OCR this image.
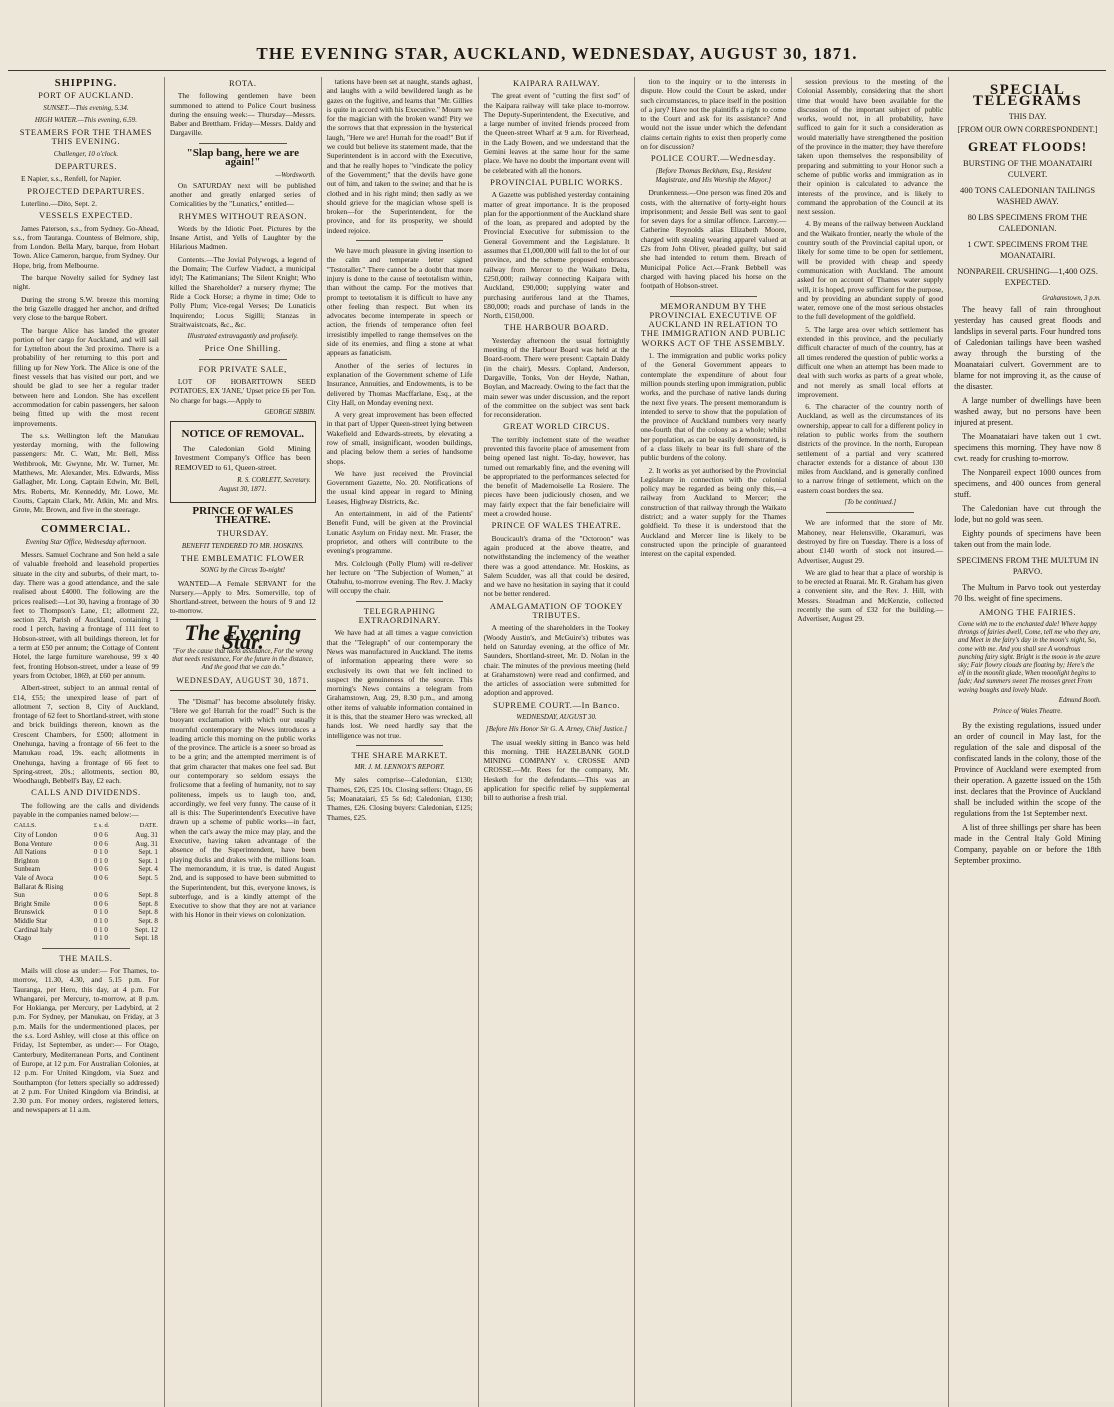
THE EVENING STAR, AUCKLAND, WEDNESDAY, AUGUST 30, 1871.
SHIPPING.
PORT OF AUCKLAND.
SUNSET.—This evening, 5.34.
HIGH WATER.—This evening, 6.59.
STEAMERS FOR THE THAMES THIS EVENING.
Challenger, 10 o'clock.
DEPARTURES.

E Napier, s.s., Renfell, for Napier.

PROJECTED DEPARTURES.

Luterlino.—Dito, Sept. 2.

VESSELS EXPECTED.

James Paterson, s.s., from Sydney. Go-Ahead, s.s., from Tauranga. Countess of Belmore, ship, from London. Bella Mary, barque, from Hobart Town. Alice Cameron, barque, from Sydney. Our Hope, brig, from Melbourne.

The barque Novelty sailed for Sydney last night.

During the strong S.W. breeze this morning the brig Gazelle dragged her anchor, and drifted very close to the barque Robert.

The barque Alice has landed the greater portion of her cargo for Auckland, and will sail for Lyttelton about the 3rd proximo. There is a probability of her returning to this port and filling up for New York. The Alice is one of the finest vessels that has visited our port, and we should be glad to see her a regular trader between here and London. She has excellent accommodation for cabin passengers, her saloon being fitted up with the most recent improvements.

The s.s. Wellington left the Manukau yesterday morning, with the following passengers: Mr. C. Watt, Mr. Bell, Miss Wethbrook, Mr. Gwynne, Mr. W. Turner, Mr. Matthews, Mr. Alexander, Mrs. Edwards, Miss Gallagher, Mr. Long, Captain Edwin, Mr. Bell, Mrs. Roberts, Mr. Kenneddy, Mr. Lowe, Mr. Coutts, Captain Clark, Mr. Atkin, Mr. and Mrs. Grote, Mr. Brown, and five in the steerage.

COMMERCIAL.
Evening Star Office, Wednesday afternoon.

Messrs. Samuel Cochrane and Son held a sale of valuable freehold and leasehold properties situate in the city and suburbs, of their mart, to-day. There was a good attendance, and the sale realised about £4000. The following are the prices realised:—Lot 30, having a frontage of 30 feet to Thompson's Lane, £1; allotment 22, section 23, Parish of Auckland, containing 1 rood 1 perch, having a frontage of 111 feet to Hobson-street, with all buildings thereon, let for a term at £50 per annum; the Cottage of Content Hotel, the large furniture warehouse, 99 x 40 feet, fronting Hobson-street, under a lease of 99 years from October, 1869, at £60 per annum.

Albert-street, subject to an annual rental of £14, £55; the unexpired lease of part of allotment 7, section 8, City of Auckland, frontage of 62 feet to Shortland-street, with stone and brick buildings thereon, known as the Crescent Chambers, for £500; allotment in Onehunga, having a frontage of 66 feet to the Manukau road, 19s. each; allotments in Onehunga, having a frontage of 66 feet to Spring-street, 20s.; allotments, section 80, Woodhaugh, Bebbell's Bay, £2 each.

CALLS AND DIVIDENDS.

The following are the calls and dividends payable in the companies named below:—

CALLS.	£ s. d.	DATE.
City of London	0 0 6	Aug. 31
Bona Venture	0 0 6	Aug. 31
All Nations	0 1 0	Sept. 1
Brighton	0 1 0	Sept. 1
Sunbeam	0 0 6	Sept. 4
Vale of Avoca	0 0 6	Sept. 5
Ballarat & Rising		
Sun	0 0 6	Sept. 8
Bright Smile	0 0 6	Sept. 8
Brunswick	0 1 0	Sept. 8
Middle Star	0 1 0	Sept. 8
Cardinal Italy	0 1 0	Sept. 12
Otago	0 1 0	Sept. 18
THE MAILS.

Mails will close as under:— For Thames, to-morrow, 11.30, 4.30, and 5.15 p.m. For Tauranga, per Hero, this day, at 4 p.m. For Whangarei, per Mercury, to-morrow, at 8 p.m. For Hokianga, per Mercury, per Ladybird, at 2 p.m. For Sydney, per Manukau, on Friday, at 3 p.m. Mails for the undermentioned places, per the s.s. Lord Ashley, will close at this office on Friday, 1st September, as under:— For Otago, Canterbury, Mediterranean Ports, and Continent of Europe, at 12 p.m. For Australian Colonies, at 12 p.m. For United Kingdom, via Suez and Southampton (for letters specially so addressed) at 2 p.m. For United Kingdom via Brindisi, at 2.30 p.m. For money orders, registered letters, and newspapers at 11 a.m.

ROTA.

The following gentlemen have been summoned to attend to Police Court business during the ensuing week:— Thursday—Messrs. Baber and Brettham. Friday—Messrs. Daldy and Dargaville.

"Slap bang, here we are again!"
—Wordsworth.

On SATURDAY next will be published another and greatly enlarged series of Comicalities by the "Lunatics," entitled—

RHYMES WITHOUT REASON.

Words by the Idiotic Poet. Pictures by the Insane Artist, and Yells of Laughter by the Hilarious Madmen.

Contents.—The Jovial Polywogs, a legend of the Domain; The Curfew Viaduct, a municipal idyl; The Katimanians; The Silent Knight; Who killed the Shareholder? a nursery rhyme; The Ride a Cock Horse; a rhyme in time; Ode to Polly Plum; Vice-regal Verses; De Lunaticis Inquirendo; Locus Sigilli; Stanzas in Straitwaistcoats, &c., &c.

Illustrated extravagantly and profusely.
Price One Shilling.
FOR PRIVATE SALE,

LOT OF HOBARTTOWN SEED POTATOES, EX 'JANE,' Upset price £6 per Ton. No charge for bags.—Apply to

GEORGE SIBBIN.
NOTICE OF REMOVAL.

The Caledonian Gold Mining Investment Company's Office has been REMOVED to 61, Queen-street.

R. S. CORLETT, Secretary.
August 30, 1871.
PRINCE OF WALES THEATRE.
THURSDAY.
BENEFIT TENDERED TO MR. HOSKINS.
THE EMBLEMATIC FLOWER
SONG by the Circus To-night!

WANTED—A Female SERVANT for the Nursery.—Apply to Mrs. Somerville, top of Shortland-street, between the hours of 9 and 12 to-morrow.

The Evening Star.
"For the cause that lacks assistance, For the wrong that needs resistance, For the future in the distance, And the good that we can do."
WEDNESDAY, AUGUST 30, 1871.

The "Dismal" has become absolutely frisky. "Here we go! Hurrah for the road!" Such is the buoyant exclamation with which our usually mournful contemporary the News introduces a leading article this morning on the public works of the province. The article is a sneer so broad as to be a grin; and the attempted merriment is of that grim character that makes one feel sad. But our contemporary so seldom essays the frolicsome that a feeling of humanity, not to say politeness, impels us to laugh too, and, accordingly, we feel very funny. The cause of it all is this: The Superintendent's Executive have drawn up a scheme of public works—in fact, when the cat's away the mice may play, and the Executive, having taken advantage of the absence of the Superintendent, have been playing ducks and drakes with the millions loan. The memorandum, it is true, is dated August 2nd, and is supposed to have been submitted to the Superintendent, but this, everyone knows, is subterfuge, and is a kindly attempt of the Executive to show that they are not at variance with his Honor in their views on colonization.

tations have been set at naught, stands aghast, and laughs with a wild bewildered laugh as he gazes on the fugitive, and learns that "Mr. Gillies is quite in accord with his Executive." Mourn we for the magician with the broken wand! Pity we the sorrows that that expression in the hysterical laugh, "Here we are! Hurrah for the road!" But if we could but believe its statement made, that the Superintendent is in accord with the Executive, and that he really hopes to "vindicate the policy of the Government;" that the devils have gone out of him, and taken to the swine; and that he is clothed and in his right mind; then sadly as we should grieve for the magician whose spell is broken—for the Superintendent, for the province, and for its prosperity, we should indeed rejoice.

We have much pleasure in giving insertion to the calm and temperate letter signed "Testotaller." There cannot be a doubt that more injury is done to the cause of teetotalism within, than without the camp. For the motives that prompt to teetotalism it is difficult to have any other feeling than respect. But when its advocates become intemperate in speech or action, the friends of temperance often feel irresistibly impelled to range themselves on the side of its enemies, and fling a stone at what appears as fanaticism.

Another of the series of lectures in explanation of the Government scheme of Life Insurance, Annuities, and Endowments, is to be delivered by Thomas Macffarlane, Esq., at the City Hall, on Monday evening next.

A very great improvement has been effected in that part of Upper Queen-street lying between Wakefield and Edwards-streets, by elevating a row of small, insignificant, wooden buildings, and placing below them a series of handsome shops.

We have just received the Provincial Government Gazette, No. 20. Notifications of the usual kind appear in regard to Mining Leases, Highway Districts, &c.

An entertainment, in aid of the Patients' Benefit Fund, will be given at the Provincial Lunatic Asylum on Friday next. Mr. Fraser, the proprietor, and others will contribute to the evening's programme.

Mrs. Colclough (Polly Plum) will re-deliver her lecture on "The Subjection of Women," at Otahuhu, to-morrow evening. The Rev. J. Macky will occupy the chair.

TELEGRAPHING EXTRAORDINARY.

We have had at all times a vague conviction that the "Telegraph" of our contemporary the News was manufactured in Auckland. The items of information appearing there were so exclusively its own that we felt inclined to suspect the genuineness of the source. This morning's News contains a telegram from Grahamstown, Aug. 29, 8.30 p.m., and among other items of valuable information contained in it is this, that the steamer Hero was wrecked, all hands lost. We need hardly say that the intelligence was not true.

THE SHARE MARKET.
MR. J. M. LENNOX'S REPORT.

My sales comprise—Caledonian, £130; Thames, £26, £25 10s. Closing sellers: Otago, £6 5s; Moanataiari, £5 5s 6d; Caledonian, £130; Thames, £26. Closing buyers: Caledonian, £125; Thames, £25.

KAIPARA RAILWAY.

The great event of "cutting the first sod" of the Kaipara railway will take place to-morrow. The Deputy-Superintendent, the Executive, and a large number of invited friends proceed from the Queen-street Wharf at 9 a.m. for Riverhead, in the Lady Bowen, and we understand that the Gemini leaves at the same hour for the same place. We have no doubt the important event will be celebrated with all the honors.

PROVINCIAL PUBLIC WORKS.

A Gazette was published yesterday containing matter of great importance. It is the proposed plan for the apportionment of the Auckland share of the loan, as prepared and adopted by the Provincial Executive for submission to the General Government and the Legislature. It assumes that £1,000,000 will fall to the lot of our province, and the scheme proposed embraces railway from Mercer to the Waikato Delta, £250,000; railway connecting Kaipara with Auckland, £90,000; supplying water and purchasing auriferous land at the Thames, £80,000; roads and purchase of lands in the North, £150,000.

THE HARBOUR BOARD.

Yesterday afternoon the usual fortnightly meeting of the Harbour Board was held at the Board-room. There were present: Captain Daldy (in the chair), Messrs. Copland, Anderson, Dargaville, Tonks, Von der Heyde, Nathan, Boylan, and Macready. Owing to the fact that the main sewer was under discussion, and the report of the committee on the subject was sent back for reconsideration.

GREAT WORLD CIRCUS.

The terribly inclement state of the weather prevented this favorite place of amusement from being opened last night. To-day, however, has turned out remarkably fine, and the evening will be appropriated to the performances selected for the benefit of Mademoiselle La Rosiere. The pieces have been judiciously chosen, and we may fairly expect that the fair beneficiaire will meet a crowded house.

PRINCE OF WALES THEATRE.

Boucicault's drama of the "Octoroon" was again produced at the above theatre, and notwithstanding the inclemency of the weather there was a good attendance. Mr. Hoskins, as Salem Scudder, was all that could be desired, and we have no hesitation in saying that it could not be better rendered.

AMALGAMATION OF TOOKEY TRIBUTES.

A meeting of the shareholders in the Tookey (Woody Austin's, and McGuire's) tributes was held on Saturday evening, at the office of Mr. Saunders, Shortland-street, Mr. D. Nolan in the chair. The minutes of the previous meeting (held at Grahamstown) were read and confirmed, and the articles of association were submitted for adoption and approved.

SUPREME COURT.—In Banco.
WEDNESDAY, AUGUST 30.
[Before His Honor Sir G. A. Arney, Chief Justice.]

The usual weekly sitting in Banco was held this morning. THE HAZELBANK GOLD MINING COMPANY v. CROSSE AND CROSSE.—Mr. Rees for the company, Mr. Hesketh for the defendants.—This was an application for specific relief by supplemental bill to authorise a fresh trial.

tion to the inquiry or to the interests in dispute. How could the Court be asked, under such circumstances, to place itself in the position of a jury? Have not the plaintiffs a right to come to the Court and ask for its assistance? And would not the issue under which the defendant claims certain rights to exist then properly come on for discussion?

POLICE COURT.—Wednesday.
[Before Thomas Beckham, Esq., Resident Magistrate, and His Worship the Mayor.]

Drunkenness.—One person was fined 20s and costs, with the alternative of forty-eight hours imprisonment; and Jessie Bell was sent to gaol for seven days for a similar offence. Larceny.—Catherine Reynolds alias Elizabeth Moore, charged with stealing wearing apparel valued at £2s from John Oliver, pleaded guilty, but said she had intended to return them. Breach of Municipal Police Act.—Frank Bebbell was charged with having placed his horse on the footpath of Hobson-street.

MEMORANDUM BY THE PROVINCIAL EXECUTIVE OF AUCKLAND IN RELATION TO THE IMMIGRATION AND PUBLIC WORKS ACT OF THE ASSEMBLY.

1. The immigration and public works policy of the General Government appears to contemplate the expenditure of about four million pounds sterling upon immigration, public works, and the purchase of native lands during the next five years. The present memorandum is intended to serve to show that the population of the province of Auckland numbers very nearly one-fourth that of the colony as a whole; whilst her population, as can be easily demonstrated, is of a class likely to bear its full share of the public burdens of the colony.

2. It works as yet authorised by the Provincial Legislature in connection with the colonial policy may be regarded as being only this,—a railway from Auckland to Mercer; the construction of that railway through the Waikato district; and a water supply for the Thames goldfield. To these it is understood that the Auckland and Mercer line is likely to be constructed upon the principle of guaranteed interest on the capital expended.

session previous to the meeting of the Colonial Assembly, considering that the short time that would have been available for the discussion of the important subject of public works, would not, in all probability, have sufficed to gain for it such a consideration as would materially have strengthened the position of the province in the matter; they have therefore taken upon themselves the responsibility of preparing and submitting to your Honor such a scheme of public works and immigration as in their opinion is calculated to advance the interests of the province, and is likely to command the approbation of the Council at its next session.

4. By means of the railway between Auckland and the Waikato frontier, nearly the whole of the country south of the Provincial capital upon, or likely for some time to be open for settlement, will be provided with cheap and speedy communication with Auckland. The amount asked for on account of Thames water supply will, it is hoped, prove sufficient for the purpose, and by providing an abundant supply of good water, remove one of the most serious obstacles to the full development of the goldfield.

5. The large area over which settlement has extended in this province, and the peculiarly difficult character of much of the country, has at all times rendered the question of public works a difficult one when an attempt has been made to deal with such works as parts of a great whole, and not merely as small local efforts at improvement.

6. The character of the country north of Auckland, as well as the circumstances of its ownership, appear to call for a different policy in relation to public works from the southern districts of the province. In the north, European settlement of a partial and very scattered character extends for a distance of about 130 miles from Auckland, and is generally confined to a narrow fringe of settlement, which on the eastern coast borders the sea.

[To be continued.]

We are informed that the store of Mr. Mahoney, near Helensville, Okaramuri, was destroyed by fire on Tuesday. There is a loss of about £140 worth of stock not insured.—Advertiser, August 29.

We are glad to hear that a place of worship is to be erected at Ruarai. Mr. R. Graham has given a convenient site, and the Rev. J. Hill, with Messrs. Steadman and McKenzie, collected recently the sum of £32 for the building.—Advertiser, August 29.

SPECIAL TELEGRAMS
THIS DAY.
[FROM OUR OWN CORRESPONDENT.]
GREAT FLOODS!
BURSTING OF THE MOANATAIRI CULVERT.
400 TONS CALEDONIAN TAILINGS WASHED AWAY.
80 LBS SPECIMENS FROM THE CALEDONIAN.
1 CWT. SPECIMENS FROM THE MOANATAIRI.
NONPAREIL CRUSHING—1,400 OZS. EXPECTED.
Grahamstown, 3 p.m.

The heavy fall of rain throughout yesterday has caused great floods and landslips in several parts. Four hundred tons of Caledonian tailings have been washed away through the bursting of the Moanataiari culvert. Government are to blame for not improving it, as the cause of the disaster.

A large number of dwellings have been washed away, but no persons have been injured at present.

The Moanataiari have taken out 1 cwt. specimens this morning. They have now 8 cwt. ready for crushing to-morrow.

The Nonpareil expect 1000 ounces from specimens, and 400 ounces from general stuff.

The Caledonian have cut through the lode, but no gold was seen.

Eighty pounds of specimens have been taken out from the main lode.

SPECIMENS FROM THE MULTUM IN PARVO.

The Multum in Parvo took out yesterday 70 lbs. weight of fine specimens.

AMONG THE FAIRIES.
Come with me to the enchanted dale! Where happy throngs of fairies dwell, Come, tell me who they are, and Meet in the fairy's day in the moon's night, So, come with me. And you shall see A wondrous punching fairy sight. Bright is the moon in the azure sky; Fair flowry clouds are floating by; Here's the elf in the moonlit glade, When moonlight begins to fade; And summers sweet The mosses greet From waving boughs and lovely blade.
Edmund Booth.
Prince of Wales Theatre.

By the existing regulations, issued under an order of council in May last, for the regulation of the sale and disposal of the confiscated lands in the colony, those of the Province of Auckland were exempted from their operation. A gazette issued on the 15th inst. declares that the Province of Auckland shall be included within the scope of the regulations from the 1st September next.

A list of three shillings per share has been made in the Central Italy Gold Mining Company, payable on or before the 18th September proximo.
